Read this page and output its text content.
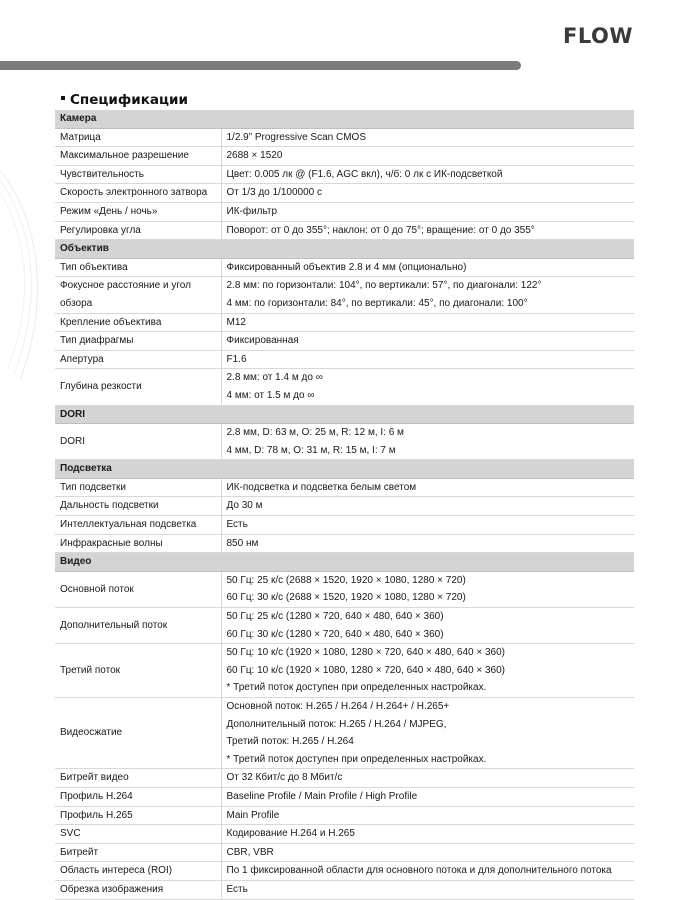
FLOW
Спецификации
Камера	
Матрица	1/2.9” Progressive Scan CMOS

Максимальное разрешение	2688 × 1520

Чувствительность	Цвет: 0.005 лк @ (F1.6, AGC вкл), ч/б: 0 лк с ИК-подсветкой

Скорость электронного затвора	От 1/3 до 1/100000 с

Режим «День / ночь»	ИК-фильтр

Регулировка угла	Поворот: от 0 до 355°; наклон: от 0 до 75°; вращение: от 0 до 355°

Объектив	
Тип объектива	Фиксированный объектив 2.8 и 4 мм (опционально)

Фокусное расстояние и угол обзора	2.8 мм: по горизонтали: 104°, по вертикали: 57°, по диагонали: 122°
4 мм: по горизонтали: 84°, по вертикали: 45°, по диагонали: 100°

Крепление объектива	M12

Тип диафрагмы	Фиксированная

Апертура	F1.6

Глубина резкости	2.8 мм: от 1.4 м до ∞
4 мм: от 1.5 м до ∞

DORI	
DORI	2.8 мм, D: 63 м, O: 25 м, R: 12 м, I: 6 м
4 мм, D: 78 м, O: 31 м, R: 15 м, I: 7 м

Подсветка	
Тип подсветки	ИК-подсветка и подсветка белым светом

Дальность подсветки	До 30 м

Интеллектуальная подсветка	Есть

Инфракрасные волны	850 нм

Видео	
Основной поток	50 Гц: 25 к/с (2688 × 1520, 1920 × 1080, 1280 × 720)
60 Гц: 30 к/с (2688 × 1520, 1920 × 1080, 1280 × 720)

Дополнительный поток	50 Гц: 25 к/с (1280 × 720, 640 × 480, 640 × 360)
60 Гц: 30 к/с (1280 × 720, 640 × 480, 640 × 360)

Третий поток	50 Гц: 10 к/с (1920 × 1080, 1280 × 720, 640 × 480, 640 × 360)
60 Гц: 10 к/с (1920 × 1080, 1280 × 720, 640 × 480, 640 × 360)
* Третий поток доступен при определенных настройках.

Видеосжатие	Основной поток: H.265 / H.264 / H.264+ / H.265+
Дополнительный поток: H.265 / H.264 / MJPEG,
Третий поток: H.265 / H.264
* Третий поток доступен при определенных настройках.

Битрейт видео	От 32 Кбит/с до 8 Мбит/с

Профиль H.264	Baseline Profile / Main Profile / High Profile

Профиль H.265	Main Profile

SVC	Кодирование H.264 и H.265

Битрейт	CBR, VBR

Область интереса (ROI)	По 1 фиксированной области для основного потока и для дополнительного потока

Обрезка изображения	Есть
